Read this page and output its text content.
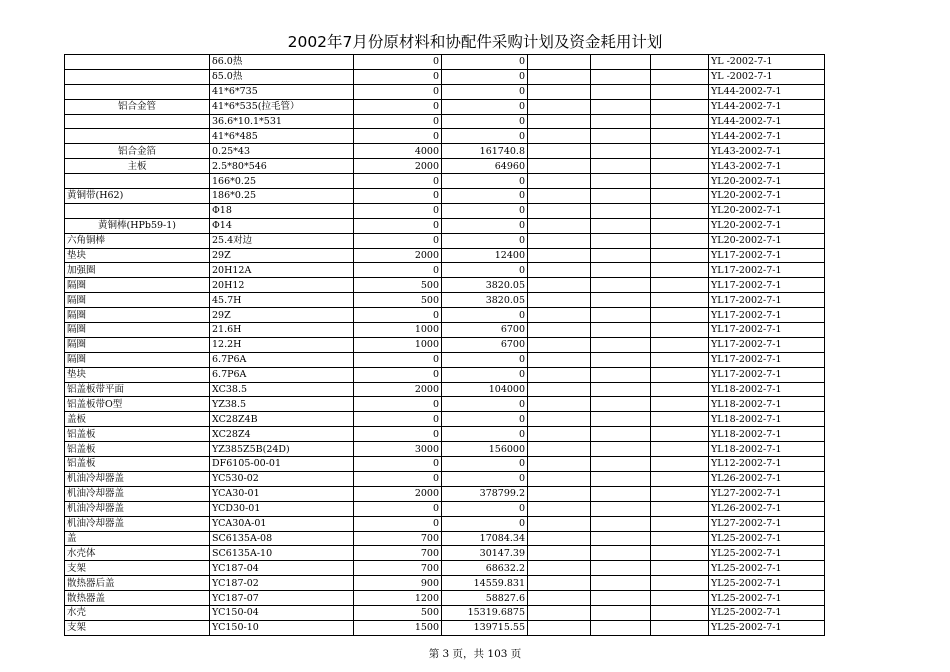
2002年7月份原材料和协配件采购计划及资金耗用计划
	δ6.0热	0	0				YL -2002-7-1
	δ5.0热	0	0				YL -2002-7-1
	41*6*735	0	0				YL44-2002-7-1
铝合金管	41*6*535(拉毛管）	0	0				YL44-2002-7-1
	36.6*10.1*531	0	0				YL44-2002-7-1
	41*6*485	0	0				YL44-2002-7-1
铝合金箔	0.25*43	4000	161740.8				YL43-2002-7-1
主板	2.5*80*546	2000	64960				YL43-2002-7-1
	166*0.25	0	0				YL20-2002-7-1
黄铜带(H62)	186*0.25	0	0				YL20-2002-7-1
	Φ18	0	0				YL20-2002-7-1
黄铜棒(HPb59-1)	Φ14	0	0				YL20-2002-7-1
六角铜棒	25.4对边	0	0				YL20-2002-7-1
垫块	29Z	2000	12400				YL17-2002-7-1
加强圈	20H12A	0	0				YL17-2002-7-1
隔圈	20H12	500	3820.05				YL17-2002-7-1
隔圈	45.7H	500	3820.05				YL17-2002-7-1
隔圈	29Z	0	0				YL17-2002-7-1
隔圈	21.6H	1000	6700				YL17-2002-7-1
隔圈	12.2H	1000	6700				YL17-2002-7-1
隔圈	6.7P6A	0	0				YL17-2002-7-1
垫块	6.7P6A	0	0				YL17-2002-7-1
铝盖板带平面	XC38.5	2000	104000				YL18-2002-7-1
铝盖板带O型	YZ38.5	0	0				YL18-2002-7-1
盖板	XC28Z4B	0	0				YL18-2002-7-1
铝盖板	XC28Z4	0	0				YL18-2002-7-1
铝盖板	YZ385Z5B(24D)	3000	156000				YL18-2002-7-1
铝盖板	DF6105-00-01	0	0				YL12-2002-7-1
机油冷却器盖	YC530-02	0	0				YL26-2002-7-1
机油冷却器盖	YCA30-01	2000	378799.2				YL27-2002-7-1
机油冷却器盖	YCD30-01	0	0				YL26-2002-7-1
机油冷却器盖	YCA30A-01	0	0				YL27-2002-7-1
盖	SC6135A-08	700	17084.34				YL25-2002-7-1
水壳体	SC6135A-10	700	30147.39				YL25-2002-7-1
支架	YC187-04	700	68632.2				YL25-2002-7-1
散热器后盖	YC187-02	900	14559.831				YL25-2002-7-1
散热器盖	YC187-07	1200	58827.6				YL25-2002-7-1
水壳	YC150-04	500	15319.6875				YL25-2002-7-1
支架	YC150-10	1500	139715.55				YL25-2002-7-1
第 3 页，共 103 页
